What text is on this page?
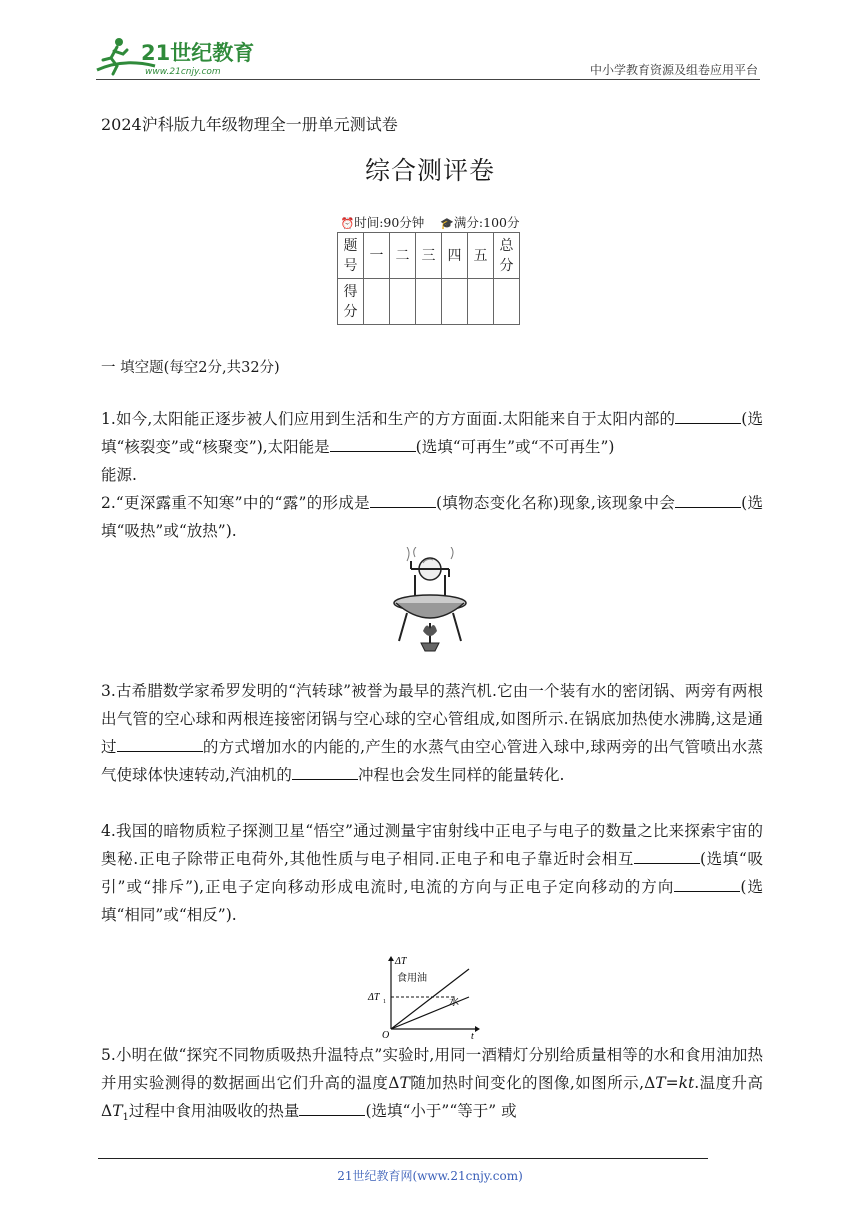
21世纪教育
www.21cnjy.com	中小学教育资源及组卷应用平台
2024沪科版九年级物理全一册单元测试卷
综合测评卷
⏰时间:90分钟 🎓满分:100分
题号	一	二	三	四	五	总分
得分						
一 填空题(每空2分,共32分)
1.如今,太阳能正逐步被人们应用到生活和生产的方方面面.太阳能来自于太阳内部的	(选填“核裂变”或“核聚变”),太阳能是	(选填“可再生”或“不可再生”)
能源.
2.“更深露重不知寒”中的“露”的形成是	(填物态变化名称)现象,该现象中会	(选填“吸热”或“放热”).
3.古希腊数学家希罗发明的“汽转球”被誉为最早的蒸汽机.它由一个装有水的密闭锅、两旁有两根出气管的空心球和两根连接密闭锅与空心球的空心管组成,如图所示.在锅底加热使水沸腾,这是通过	的方式增加水的内能的,产生的水蒸气由空心管进入球中,球两旁的出气管喷出水蒸气使球体快速转动,汽油机的	冲程也会发生同样的能量转化.
4.我国的暗物质粒子探测卫星“悟空”通过测量宇宙射线中正电子与电子的数量之比来探索宇宙的奥秘.正电子除带正电荷外,其他性质与电子相同.正电子和电子靠近时会相互	(选填“吸引”或“排斥”),正电子定向移动形成电流时,电流的方向与正电子定向移动的方向	(选填“相同”或“相反”).
ΔT
t
O
食用油
水
ΔT 1
5.小明在做“探究不同物质吸热升温特点”实验时,用同一酒精灯分别给质量相等的水和食用油加热并用实验测得的数据画出它们升高的温度ΔT随加热时间变化的图像,如图所示,ΔT=kt.温度升高$\Delta T_1$过程中食用油吸收的热量	(选填“小于”“等于” 或
21世纪教育网(www.21cnjy.com)
